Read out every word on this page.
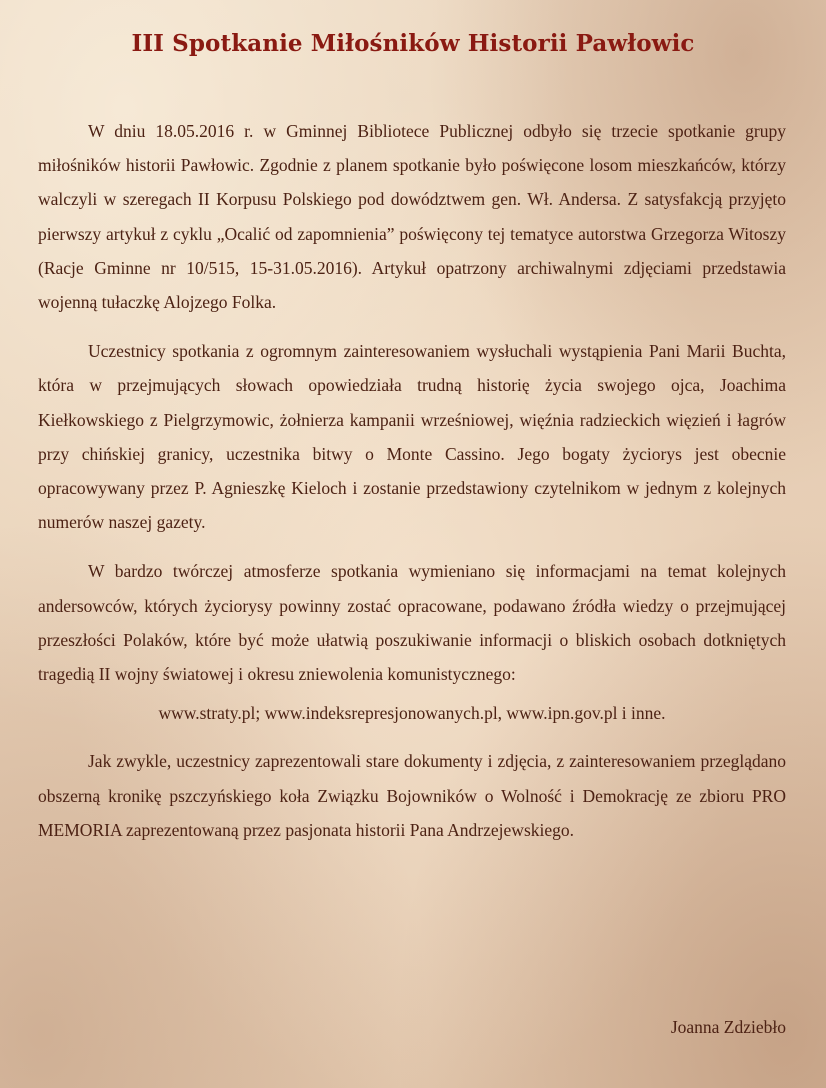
III Spotkanie Miłośników Historii Pawłowic

W dniu 18.05.2016 r. w Gminnej Bibliotece Publicznej odbyło się trzecie spotkanie grupy miłośników historii Pawłowic. Zgodnie z planem spotkanie było poświęcone losom mieszkańców, którzy walczyli w szeregach II Korpusu Polskiego pod dowództwem gen. Wł. Andersa. Z satysfakcją przyjęto pierwszy artykuł z cyklu „Ocalić od zapomnienia” poświęcony tej tematyce autorstwa Grzegorza Witoszy (Racje Gminne nr 10/515, 15-31.05.2016). Artykuł opatrzony archiwalnymi zdjęciami przedstawia wojenną tułaczkę Alojzego Folka.

Uczestnicy spotkania z ogromnym zainteresowaniem wysłuchali wystąpienia Pani Marii Buchta, która w przejmujących słowach opowiedziała trudną historię życia swojego ojca, Joachima Kiełkowskiego z Pielgrzymowic, żołnierza kampanii wrześniowej, więźnia radzieckich więzień i łagrów przy chińskiej granicy, uczestnika bitwy o Monte Cassino. Jego bogaty życiorys jest obecnie opracowywany przez P. Agnieszkę Kieloch i zostanie przedstawiony czytelnikom w jednym z kolejnych numerów naszej gazety.

W bardzo twórczej atmosferze spotkania wymieniano się informacjami na temat kolejnych andersowców, których życiorysy powinny zostać opracowane, podawano źródła wiedzy o przejmującej przeszłości Polaków, które być może ułatwią poszukiwanie informacji o bliskich osobach dotkniętych tragedią II wojny światowej i okresu zniewolenia komunistycznego:

www.straty.pl; www.indeksrepresjonowanych.pl, www.ipn.gov.pl i inne.

Jak zwykle, uczestnicy zaprezentowali stare dokumenty i zdjęcia, z zainteresowaniem przeglądano obszerną kronikę pszczyńskiego koła Związku Bojowników o Wolność i Demokrację ze zbioru PRO MEMORIA zaprezentowaną przez pasjonata historii Pana Andrzejewskiego.

Joanna Zdziebło
